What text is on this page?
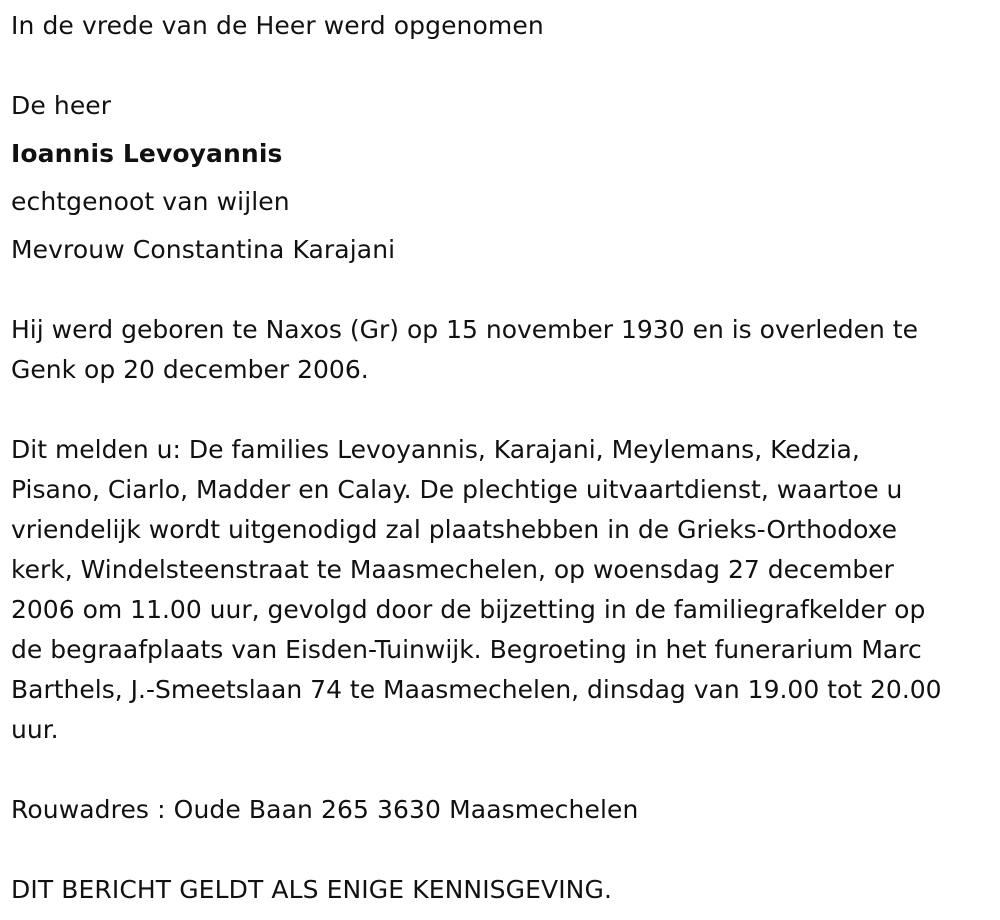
In de vrede van de Heer werd opgenomen
De heer
Ioannis Levoyannis
echtgenoot van wijlen
Mevrouw Constantina Karajani
Hij werd geboren te Naxos (Gr) op 15 november 1930 en is overleden te
Genk op 20 december 2006.
Dit melden u: De families Levoyannis, Karajani, Meylemans, Kedzia,
Pisano, Ciarlo, Madder en Calay. De plechtige uitvaartdienst, waartoe u
vriendelijk wordt uitgenodigd zal plaatshebben in de Grieks-Orthodoxe
kerk, Windelsteenstraat te Maasmechelen, op woensdag 27 december
2006 om 11.00 uur, gevolgd door de bijzetting in de familiegrafkelder op
de begraafplaats van Eisden-Tuinwijk. Begroeting in het funerarium Marc
Barthels, J.-Smeetslaan 74 te Maasmechelen, dinsdag van 19.00 tot 20.00
uur.
Rouwadres : Oude Baan 265 3630 Maasmechelen
DIT BERICHT GELDT ALS ENIGE KENNISGEVING.
